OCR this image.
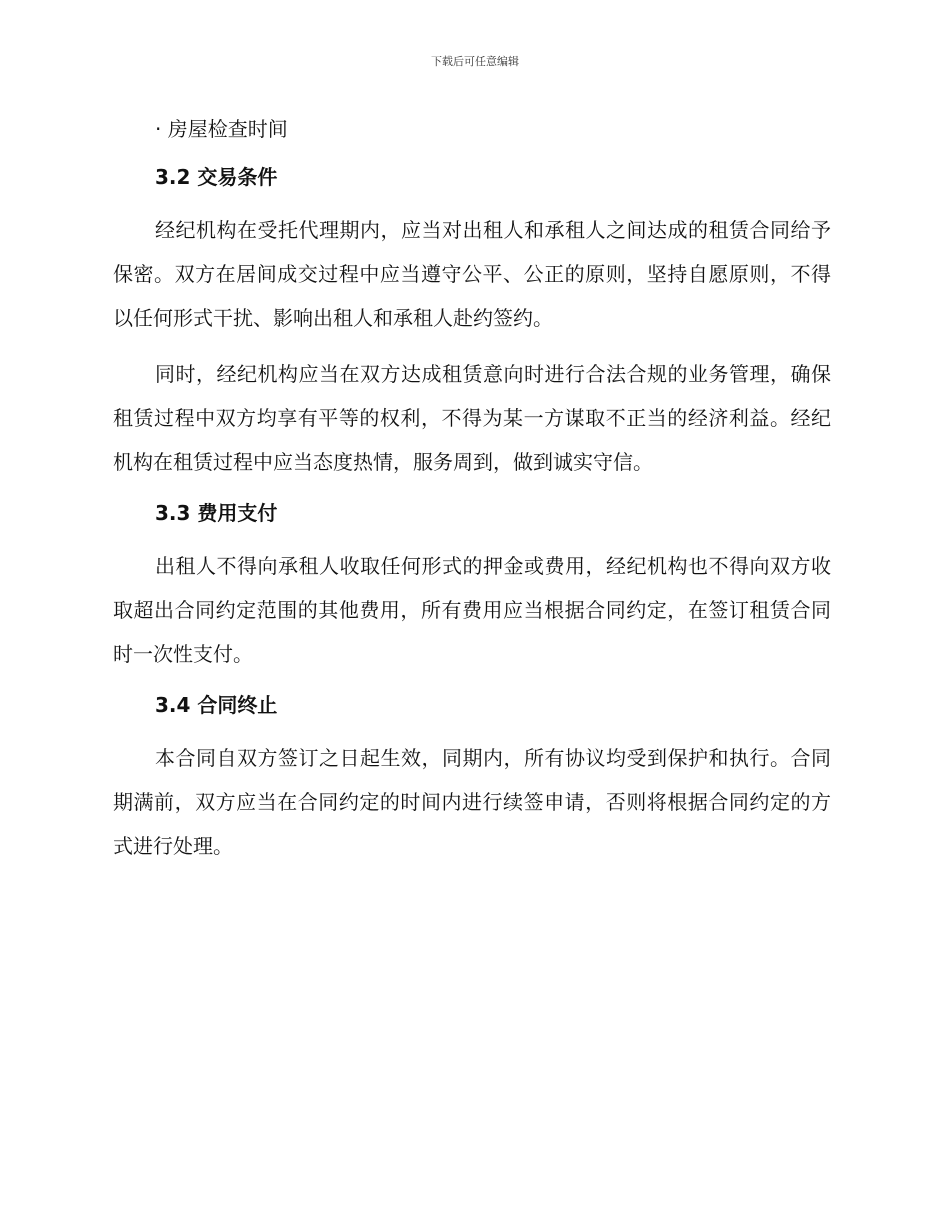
下载后可任意编辑
· 房屋检查时间
3.2 交易条件

经纪机构在受托代理期内，应当对出租人和承租人之间达成的租赁合同给予保密。双方在居间成交过程中应当遵守公平、公正的原则，坚持自愿原则，不得以任何形式干扰、影响出租人和承租人赴约签约。

同时，经纪机构应当在双方达成租赁意向时进行合法合规的业务管理，确保租赁过程中双方均享有平等的权利，不得为某一方谋取不正当的经济利益。经纪机构在租赁过程中应当态度热情，服务周到，做到诚实守信。

3.3 费用支付

出租人不得向承租人收取任何形式的押金或费用，经纪机构也不得向双方收取超出合同约定范围的其他费用，所有费用应当根据合同约定，在签订租赁合同时一次性支付。

3.4 合同终止

本合同自双方签订之日起生效，同期内，所有协议均受到保护和执行。合同期满前，双方应当在合同约定的时间内进行续签申请，否则将根据合同约定的方式进行处理。
